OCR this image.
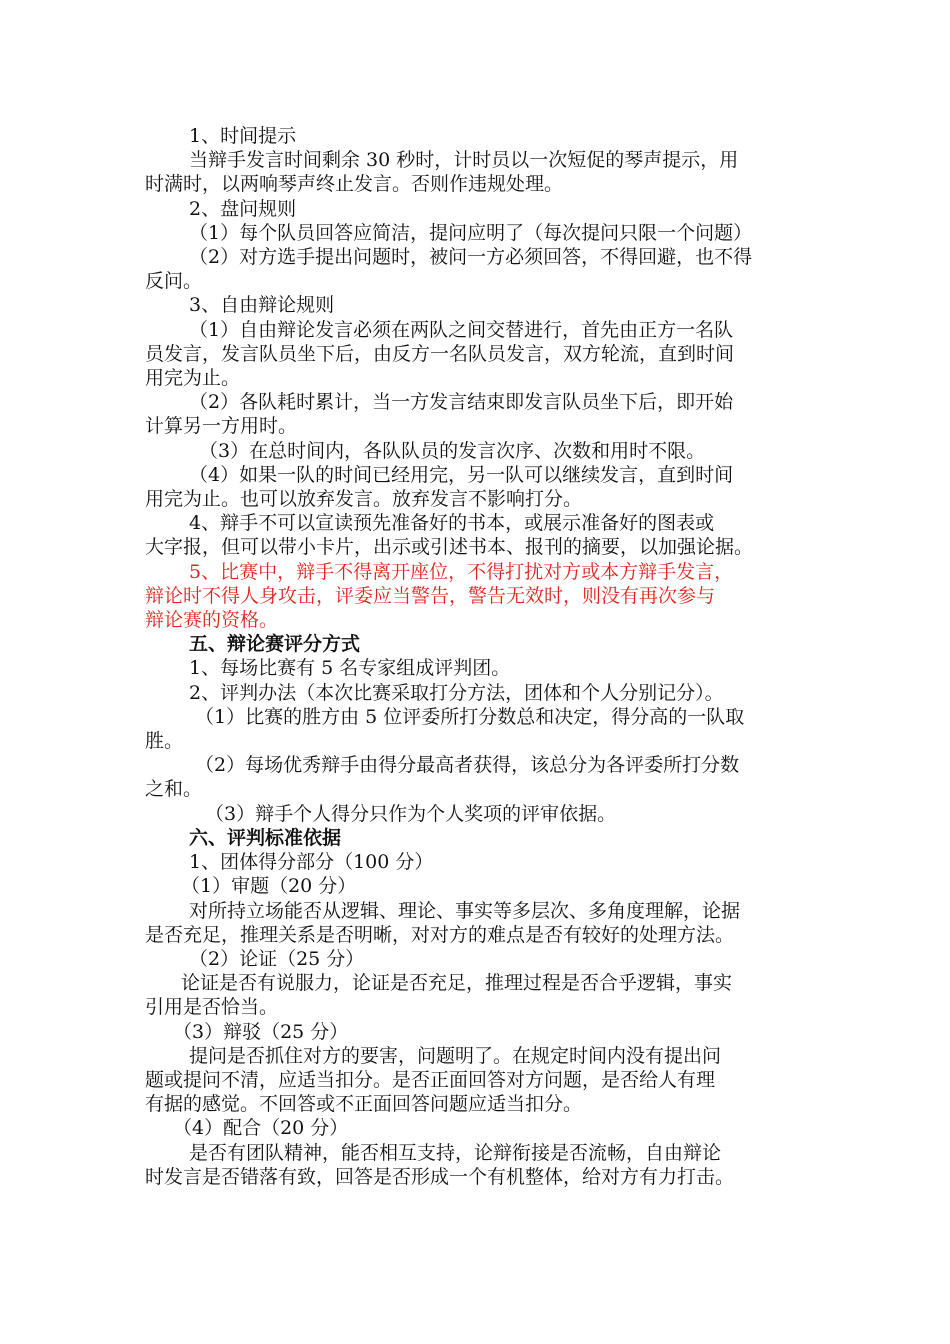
1、时间提示

当辩手发言时间剩余 30 秒时，计时员以一次短促的琴声提示，用

时满时，以两响琴声终止发言。否则作违规处理。

2、盘问规则

（1）每个队员回答应简洁，提问应明了（每次提问只限一个问题）

（2）对方选手提出问题时，被问一方必须回答，不得回避，也不得

反问。

3、自由辩论规则

（1）自由辩论发言必须在两队之间交替进行，首先由正方一名队

员发言，发言队员坐下后，由反方一名队员发言，双方轮流，直到时间

用完为止。

（2）各队耗时累计，当一方发言结束即发言队员坐下后，即开始

计算另一方用时。

（3）在总时间内，各队队员的发言次序、次数和用时不限。

（4）如果一队的时间已经用完，另一队可以继续发言，直到时间

用完为止。也可以放弃发言。放弃发言不影响打分。

4、辩手不可以宣读预先准备好的书本，或展示准备好的图表或

大字报，但可以带小卡片，出示或引述书本、报刊的摘要，以加强论据。

5、比赛中，辩手不得离开座位，不得打扰对方或本方辩手发言，

辩论时不得人身攻击，评委应当警告，警告无效时，则没有再次参与

辩论赛的资格。

五、辩论赛评分方式

1、每场比赛有 5 名专家组成评判团。

2、评判办法（本次比赛采取打分方法，团体和个人分别记分）。

（1）比赛的胜方由 5 位评委所打分数总和决定，得分高的一队取

胜。

（2）每场优秀辩手由得分最高者获得，该总分为各评委所打分数

之和。

（3）辩手个人得分只作为个人奖项的评审依据。

六、评判标准依据

1、团体得分部分（100 分）

（1）审题（20 分）

对所持立场能否从逻辑、理论、事实等多层次、多角度理解，论据

是否充足，推理关系是否明晰，对对方的难点是否有较好的处理方法。

（2）论证（25 分）

论证是否有说服力，论证是否充足，推理过程是否合乎逻辑，事实

引用是否恰当。

（3）辩驳（25 分）

提问是否抓住对方的要害，问题明了。在规定时间内没有提出问

题或提问不清，应适当扣分。是否正面回答对方问题，是否给人有理

有据的感觉。不回答或不正面回答问题应适当扣分。

（4）配合（20 分）

是否有团队精神，能否相互支持，论辩衔接是否流畅，自由辩论

时发言是否错落有致，回答是否形成一个有机整体，给对方有力打击。
